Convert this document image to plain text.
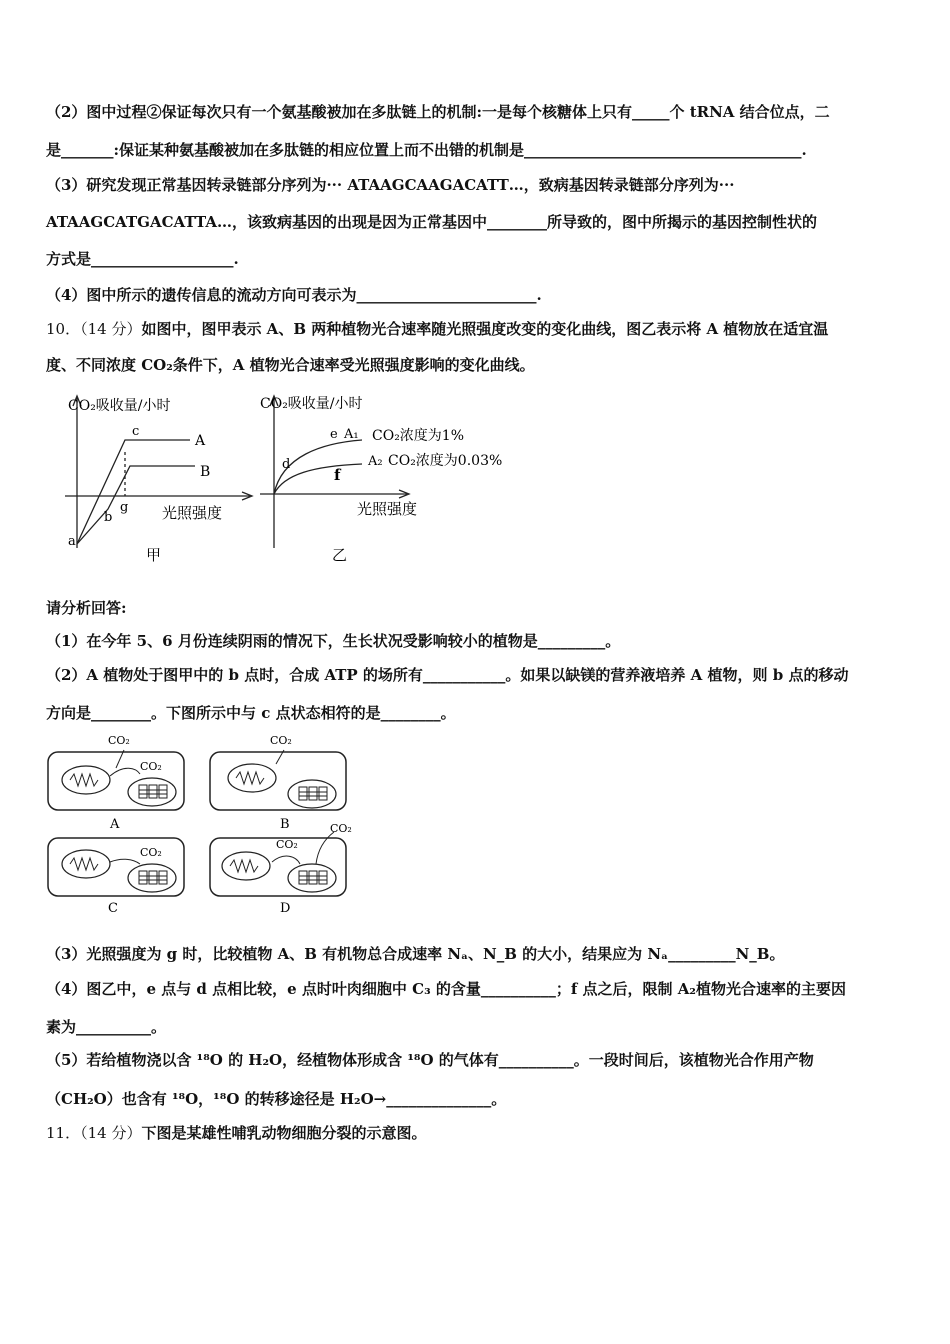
（2）图中过程②保证每次只有一个氨基酸被加在多肽链上的机制:一是每个核糖体上只有_____个 tRNA 结合位点，二
是_______:保证某种氨基酸被加在多肽链的相应位置上而不出错的机制是_____________________________________.
（3）研究发现正常基因转录链部分序列为··· ATAAGCAAGACATT…，致病基因转录链部分序列为···
ATAAGCATGACATTA…，该致病基因的出现是因为正常基因中________所导致的，图中所揭示的基因控制性状的
方式是___________________.
（4）图中所示的遗传信息的流动方向可表示为________________________.
10．（14 分）如图中，图甲表示 A、B 两种植物光合速率随光照强度改变的变化曲线，图乙表示将 A 植物放在适宜温
度、不同浓度 CO₂条件下，A 植物光合速率受光照强度影响的变化曲线。
CO₂吸收量/小时
c
A
B
g
b
a
光照强度
甲
CO₂吸收量/小时
e A₁ CO₂浓度为1%
A₂ CO₂浓度为0.03%
d
f
光照强度
乙
请分析回答:
（1）在今年 5、6 月份连续阴雨的情况下，生长状况受影响较小的植物是_________。
（2）A 植物处于图甲中的 b 点时，合成 ATP 的场所有___________。如果以缺镁的营养液培养 A 植物，则 b 点的移动
方向是________。下图所示中与 c 点状态相符的是________。
CO₂
CO₂
A
CO₂
B
CO₂
C
CO₂
CO₂
D
（3）光照强度为 g 时，比较植物 A、B 有机物总合成速率 Nₐ、N_B 的大小，结果应为 Nₐ_________N_B。
（4）图乙中，e 点与 d 点相比较，e 点时叶肉细胞中 C₃ 的含量__________；f 点之后，限制 A₂植物光合速率的主要因
素为__________。
（5）若给植物浇以含 ¹⁸O 的 H₂O，经植物体形成含 ¹⁸O 的气体有__________。一段时间后，该植物光合作用产物
（CH₂O）也含有 ¹⁸O，¹⁸O 的转移途径是 H₂O→______________。
11．（14 分）下图是某雄性哺乳动物细胞分裂的示意图。
